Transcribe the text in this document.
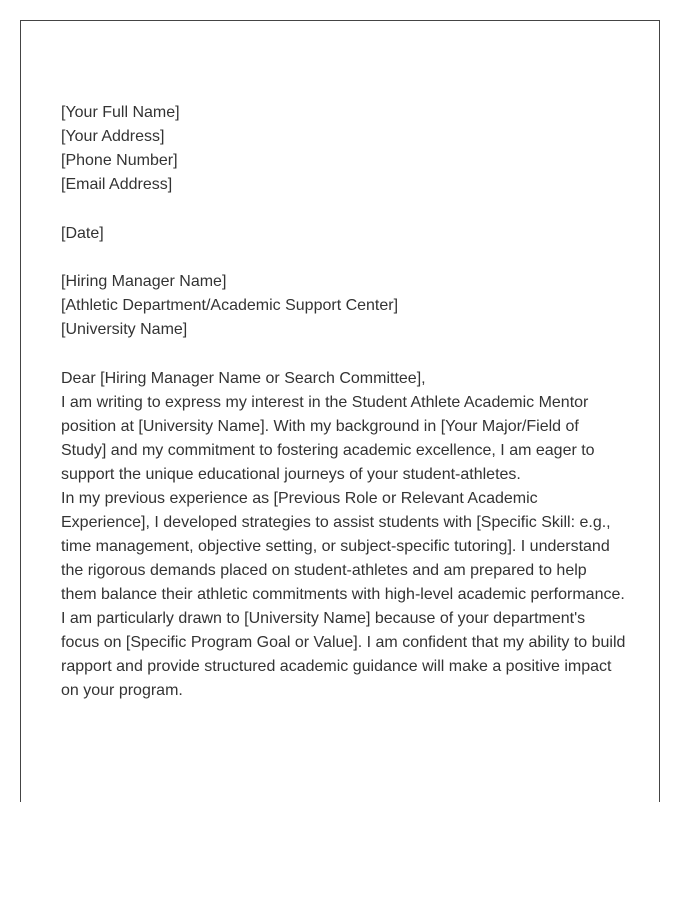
[Your Full Name]
[Your Address]
[Phone Number]
[Email Address]
[Date]
[Hiring Manager Name]
[Athletic Department/Academic Support Center]
[University Name]
Dear [Hiring Manager Name or Search Committee],

I am writing to express my interest in the Student Athlete Academic Mentor position at [University Name]. With my background in [Your Major/Field of Study] and my commitment to fostering academic excellence, I am eager to support the unique educational journeys of your student-athletes.

In my previous experience as [Previous Role or Relevant Academic Experience], I developed strategies to assist students with [Specific Skill: e.g., time management, objective setting, or subject-specific tutoring]. I understand the rigorous demands placed on student-athletes and am prepared to help them balance their athletic commitments with high-level academic performance.

I am particularly drawn to [University Name] because of your department's focus on [Specific Program Goal or Value]. I am confident that my ability to build rapport and provide structured academic guidance will make a positive impact on your program.
